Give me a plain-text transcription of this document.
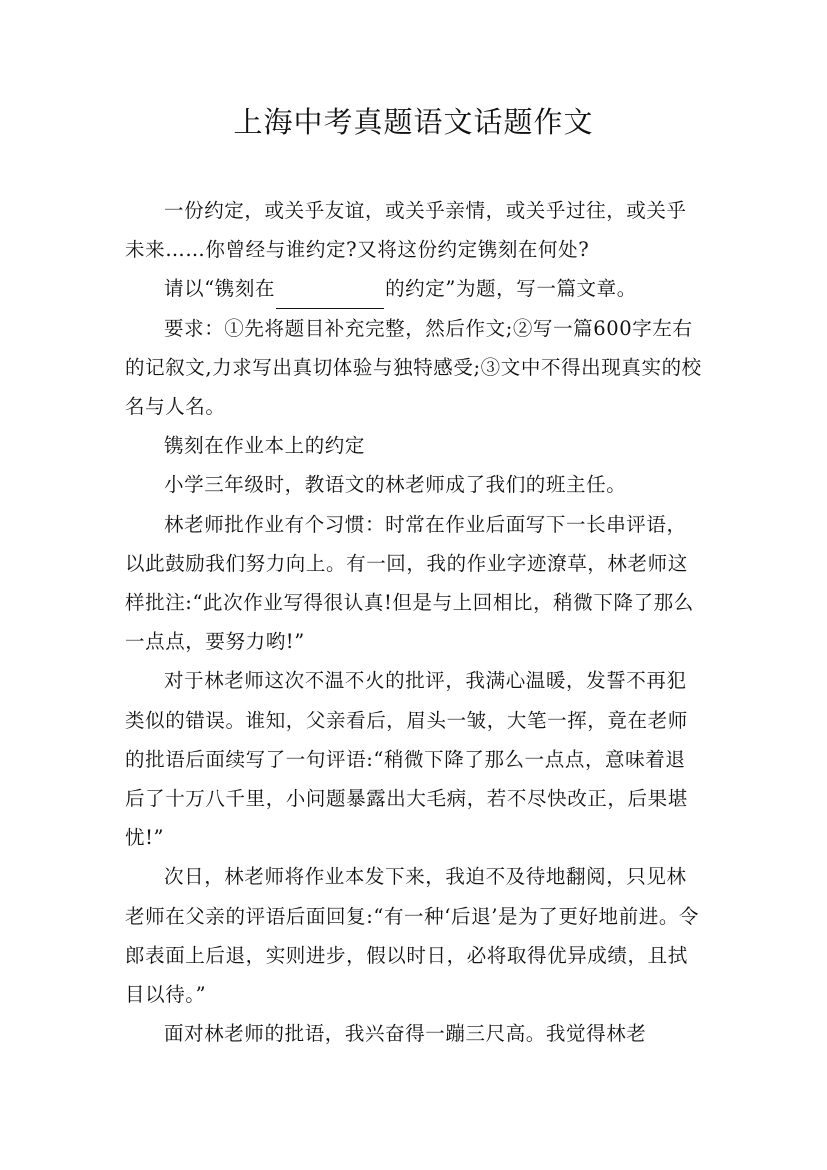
上海中考真题语文话题作文

一份约定，或关乎友谊，或关乎亲情，或关乎过往，或关乎未来……你曾经与谁约定?又将这份约定镌刻在何处?

请以“镌刻在	的约定”为题，写一篇文章。

要求：①先将题目补充完整，然后作文;②写一篇600字左右的记叙文,力求写出真切体验与独特感受;③文中不得出现真实的校名与人名。

镌刻在作业本上的约定

小学三年级时，教语文的林老师成了我们的班主任。

林老师批作业有个习惯：时常在作业后面写下一长串评语，以此鼓励我们努力向上。有一回，我的作业字迹潦草，林老师这样批注:“此次作业写得很认真!但是与上回相比，稍微下降了那么一点点，要努力哟!”

对于林老师这次不温不火的批评，我满心温暖，发誓不再犯类似的错误。谁知，父亲看后，眉头一皱，大笔一挥，竟在老师的批语后面续写了一句评语:“稍微下降了那么一点点，意味着退后了十万八千里，小问题暴露出大毛病，若不尽快改正，后果堪忧!”

次日，林老师将作业本发下来，我迫不及待地翻阅，只见林老师在父亲的评语后面回复:“有一种‘后退’是为了更好地前进。令郎表面上后退，实则进步，假以时日，必将取得优异成绩，且拭目以待。”

面对林老师的批语，我兴奋得一蹦三尺高。我觉得林老
